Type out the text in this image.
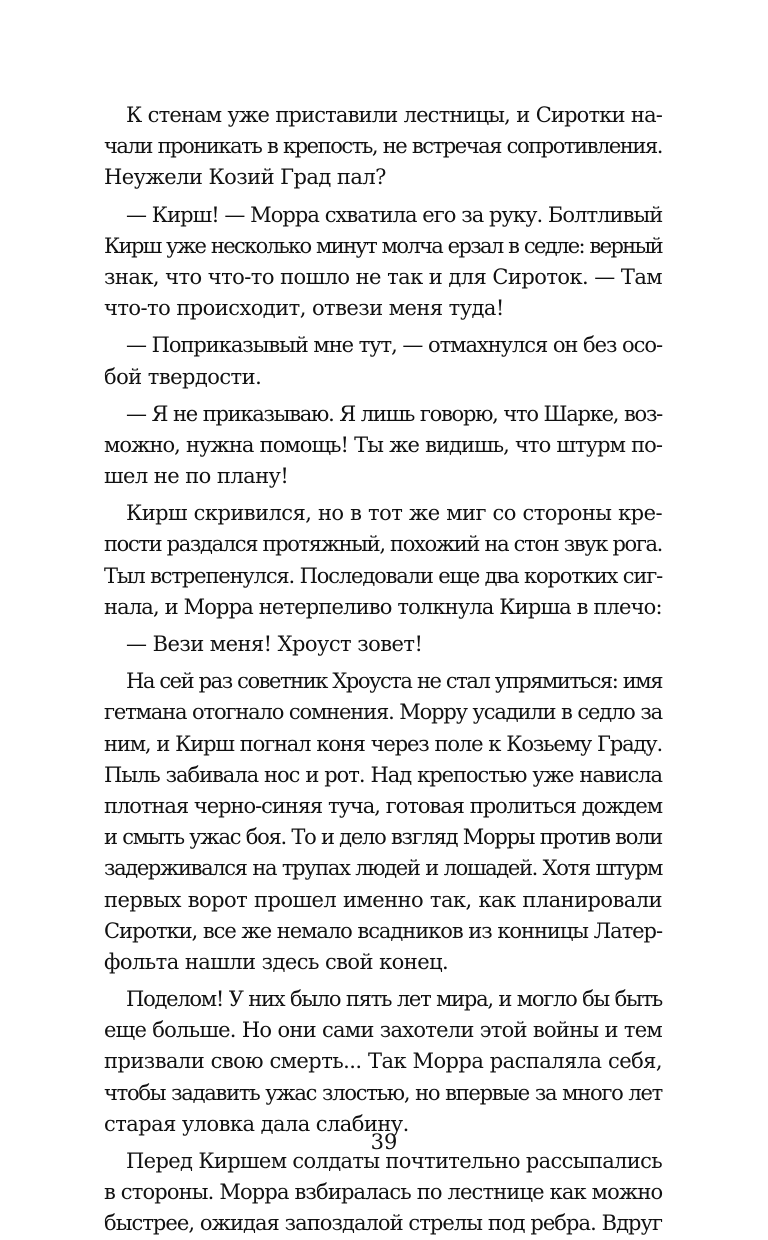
К стенам уже приставили лестницы, и Сиротки на-
чали проникать в крепость, не встречая сопротивления.
Неужели Козий Град пал?
— Кирш! — Морра схватила его за руку. Болтливый
Кирш уже несколько минут молча ерзал в седле: верный
знак, что что-то пошло не так и для Сироток. — Там
что-то происходит, отвези меня туда!
— Поприказывый мне тут, — отмахнулся он без осо-
бой твердости.
— Я не приказываю. Я лишь говорю, что Шарке, воз-
можно, нужна помощь! Ты же видишь, что штурм по-
шел не по плану!
Кирш скривился, но в тот же миг со стороны кре-
пости раздался протяжный, похожий на стон звук рога.
Тыл встрепенулся. Последовали еще два коротких сиг-
нала, и Морра нетерпеливо толкнула Кирша в плечо:
— Вези меня! Хроуст зовет!
На сей раз советник Хроуста не стал упрямиться: имя
гетмана отогнало сомнения. Морру усадили в седло за
ним, и Кирш погнал коня через поле к Козьему Граду.
Пыль забивала нос и рот. Над крепостью уже нависла
плотная черно-синяя туча, готовая пролиться дождем
и смыть ужас боя. То и дело взгляд Морры против воли
задерживался на трупах людей и лошадей. Хотя штурм
первых ворот прошел именно так, как планировали
Сиротки, все же немало всадников из конницы Латер-
фольта нашли здесь свой конец.
Поделом! У них было пять лет мира, и могло бы быть
еще больше. Но они сами захотели этой войны и тем
призвали свою смерть... Так Морра распаляла себя,
чтобы задавить ужас злостью, но впервые за много лет
старая уловка дала слабину.
Перед Киршем солдаты почтительно рассыпались
в стороны. Морра взбиралась по лестнице как можно
быстрее, ожидая запоздалой стрелы под ребра. Вдруг
39
